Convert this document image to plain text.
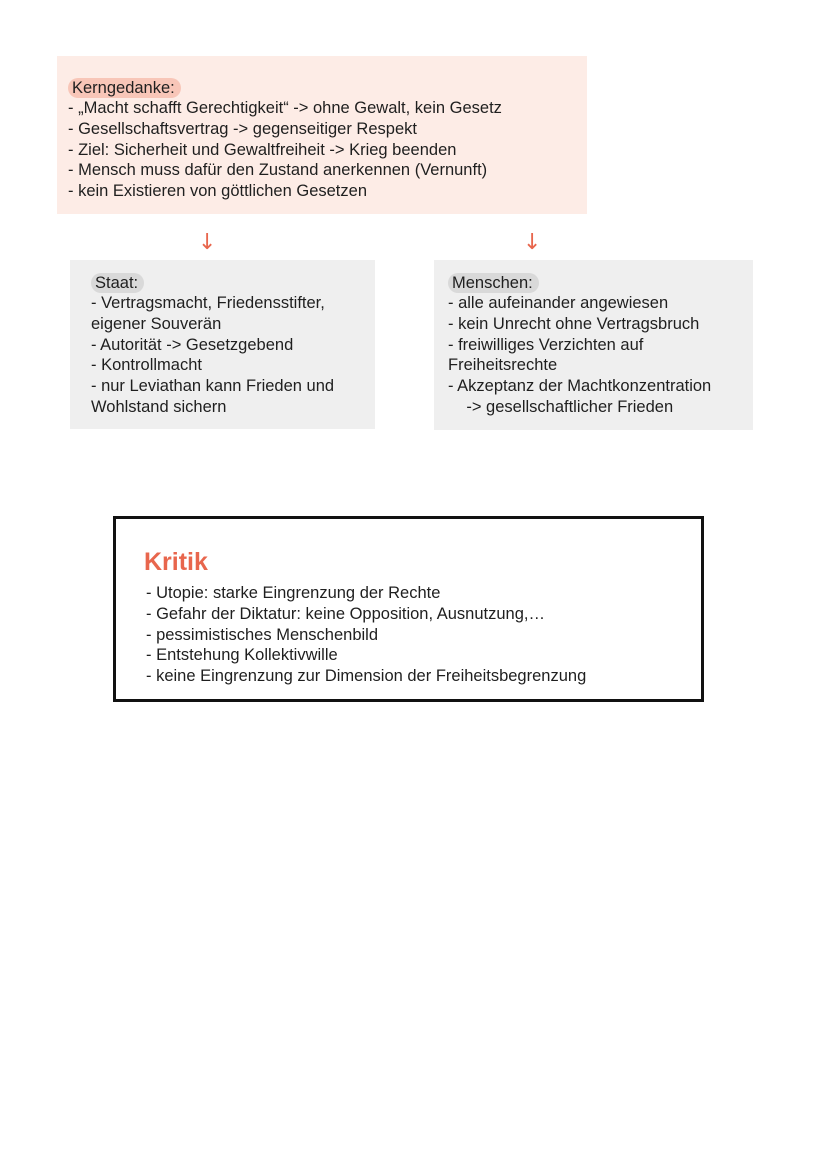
Kerngedanke:
- „Macht schafft Gerechtigkeit“ -> ohne Gewalt, kein Gesetz
- Gesellschaftsvertrag -> gegenseitiger Respekt
- Ziel: Sicherheit und Gewaltfreiheit -> Krieg beenden
- Mensch muss dafür den Zustand anerkennen (Vernunft)
- kein Existieren von göttlichen Gesetzen
↓	↓
Staat:
- Vertragsmacht, Friedensstifter,
eigener Souverän
- Autorität -> Gesetzgebend
- Kontrollmacht
- nur Leviathan kann Frieden und
Wohlstand sichern
Menschen:
- alle aufeinander angewiesen
- kein Unrecht ohne Vertragsbruch
- freiwilliges Verzichten auf
Freiheitsrechte
- Akzeptanz der Machtkonzentration
-> gesellschaftlicher Frieden
Kritik
- Utopie: starke Eingrenzung der Rechte
- Gefahr der Diktatur: keine Opposition, Ausnutzung,…
- pessimistisches Menschenbild
- Entstehung Kollektivwille
- keine Eingrenzung zur Dimension der Freiheitsbegrenzung
